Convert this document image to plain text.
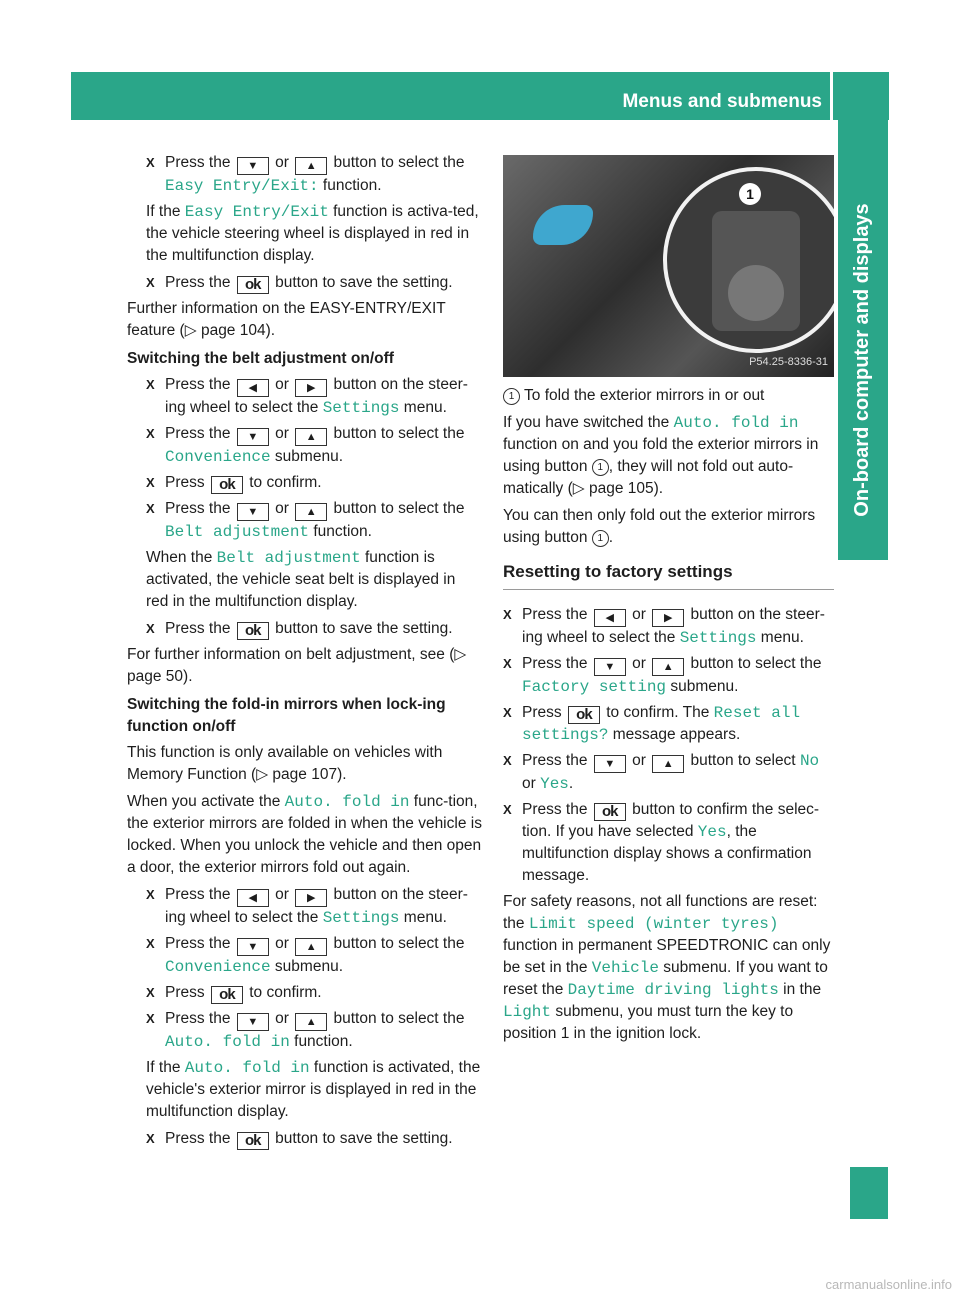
Menus and submenus
On-board computer and displays
X Press the ▼ or ▲ button to select the Easy Entry/Exit: function.
If the Easy Entry/Exit function is activa-ted, the vehicle steering wheel is displayed in red in the multifunction display.
X Press the ok button to save the setting.
Further information on the EASY-ENTRY/EXIT feature (▷ page 104).
Switching the belt adjustment on/off
X Press the ◀ or ▶ button on the steer-ing wheel to select the Settings menu.
X Press the ▼ or ▲ button to select the Convenience submenu.
X Press ok to confirm.
X Press the ▼ or ▲ button to select the Belt adjustment function.
When the Belt adjustment function is activated, the vehicle seat belt is displayed in red in the multifunction display.
X Press the ok button to save the setting.
For further information on belt adjustment, see (▷ page 50).
Switching the fold-in mirrors when lock-ing function on/off
This function is only available on vehicles with Memory Function (▷ page 107).
When you activate the Auto. fold in func-tion, the exterior mirrors are folded in when the vehicle is locked. When you unlock the vehicle and then open a door, the exterior mirrors fold out again.
X Press the ◀ or ▶ button on the steer-ing wheel to select the Settings menu.
X Press the ▼ or ▲ button to select the Convenience submenu.
X Press ok to confirm.
X Press the ▼ or ▲ button to select the Auto. fold in function.
If the Auto. fold in function is activated, the vehicle's exterior mirror is displayed in red in the multifunction display.
X Press the ok button to save the setting.
1
P54.25-8336-31
1 To fold the exterior mirrors in or out
If you have switched the Auto. fold in function on and you fold the exterior mirrors in using button 1 , they will not fold out auto-matically (▷ page 105).
You can then only fold out the exterior mirrors using button 1 .
Resetting to factory settings
X Press the ◀ or ▶ button on the steer-ing wheel to select the Settings menu.
X Press the ▼ or ▲ button to select the Factory setting submenu.
X Press ok to confirm. The Reset all settings? message appears.
X Press the ▼ or ▲ button to select No or Yes.
X Press the ok button to confirm the selec-tion. If you have selected Yes, the multifunction display shows a confirmation message.
For safety reasons, not all functions are reset: the Limit speed (winter tyres) function in permanent SPEEDTRONIC can only be set in the Vehicle submenu. If you want to reset the Daytime driving lights in the Light submenu, you must turn the key to position 1 in the ignition lock.
carmanualsonline.info
